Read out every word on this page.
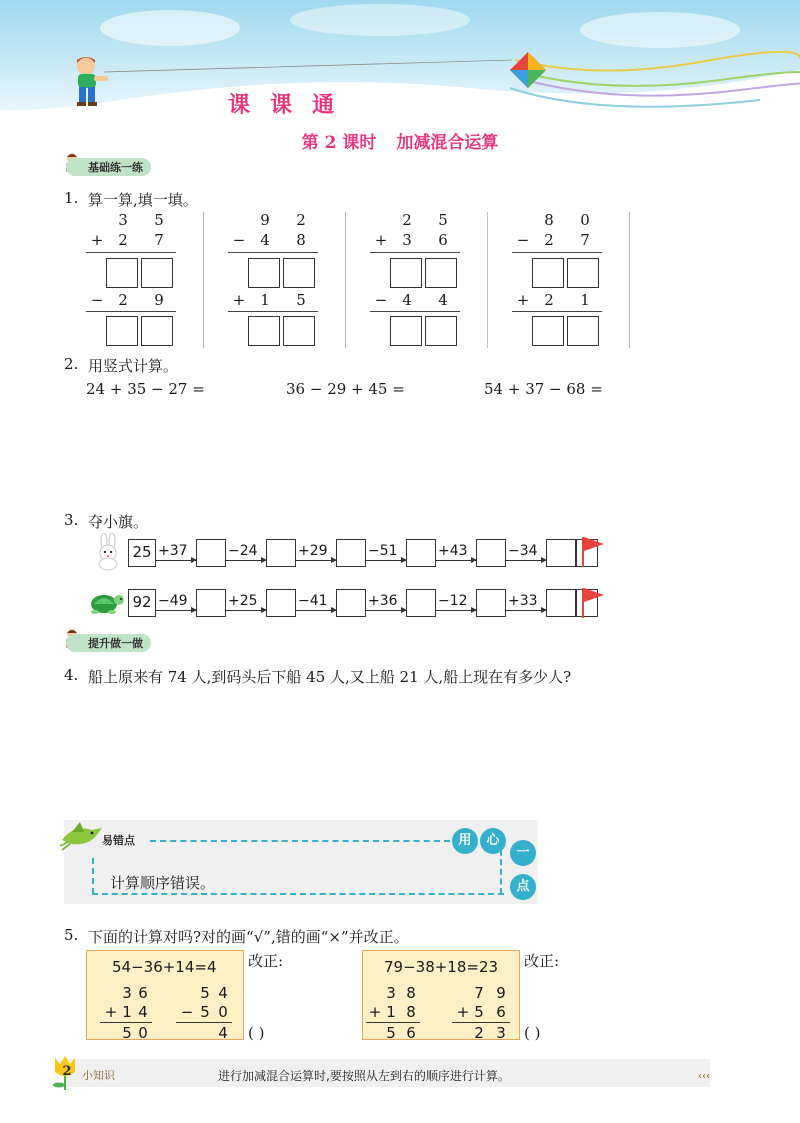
课课通
第 2 课时 加减混合运算
基础练一练
1. 算一算,填一填。
3 5
+ 2 7
− 2 9
9 2
− 4 8
+ 1 5
2 5
+ 3 6
− 4 4
8 0
− 2 7
+ 2 1
2. 用竖式计算。
24 + 35 − 27 =	36 − 29 + 45 =	54 + 37 − 68 =
3. 夺小旗。
25 +37	−24	+29	−51	+43	−34
92 −49	+25	−41	+36	−12	+33
提升做一做
4. 船上原来有 74 人,到码头后下船 45 人,又上船 21 人,船上现在有多少人?
易错点	用	心
一
点
计算顺序错误。
5. 下面的计算对吗?对的画“√”,错的画“×”并改正。
54−36+14=4
3 6
+ 1 4
5 0
5 4
− 5 0
4
改正:
( )
79−38+18=23
3 8
+ 1 8
5 6
7 9
+ 5 6
2 3
改正:
( )
2 小知识	进行加减混合运算时,要按照从左到右的顺序进行计算。	‹‹‹
